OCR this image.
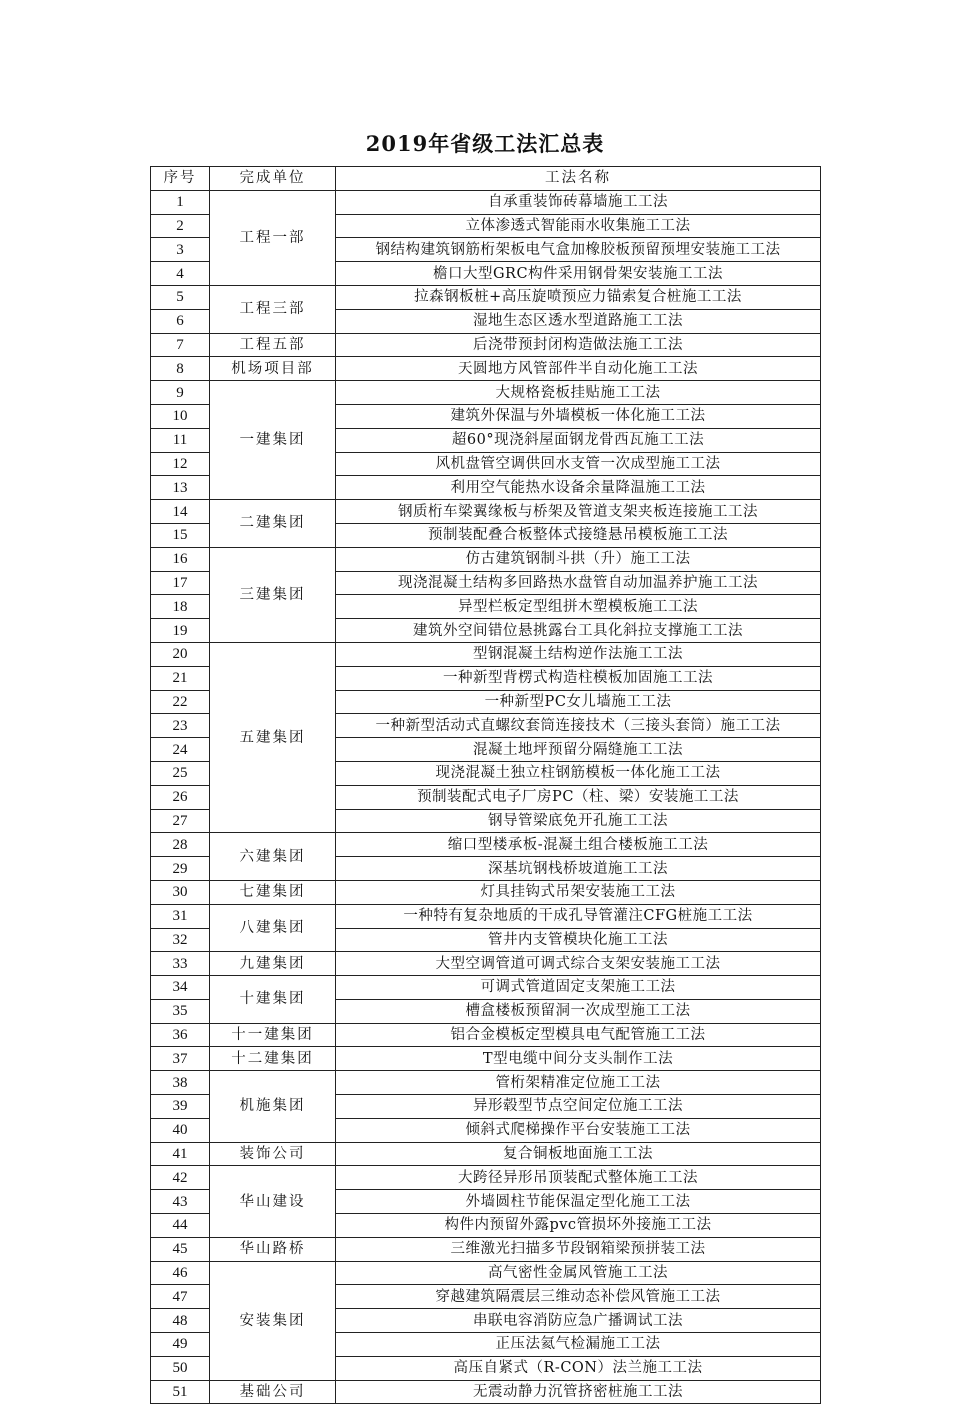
2019年省级工法汇总表
序号	完成单位	工法名称
1	工程一部	自承重装饰砖幕墙施工工法
2		立体渗透式智能雨水收集施工工法
3		钢结构建筑钢筋桁架板电气盒加橡胶板预留预埋安装施工工法
4		檐口大型GRC构件采用钢骨架安装施工工法
5	工程三部	拉森钢板桩+高压旋喷预应力锚索复合桩施工工法
6		湿地生态区透水型道路施工工法
7	工程五部	后浇带预封闭构造做法施工工法
8	机场项目部	天圆地方风管部件半自动化施工工法
9	一建集团	大规格瓷板挂贴施工工法
10		建筑外保温与外墙模板一体化施工工法
11		超60°现浇斜屋面钢龙骨西瓦施工工法
12		风机盘管空调供回水支管一次成型施工工法
13		利用空气能热水设备余量降温施工工法
14	二建集团	钢质桁车梁翼缘板与桥架及管道支架夹板连接施工工法
15		预制装配叠合板整体式接缝悬吊模板施工工法
16	三建集团	仿古建筑钢制斗拱（升）施工工法
17		现浇混凝土结构多回路热水盘管自动加温养护施工工法
18		异型栏板定型组拼木塑模板施工工法
19		建筑外空间错位悬挑露台工具化斜拉支撑施工工法
20	五建集团	型钢混凝土结构逆作法施工工法
21		一种新型背楞式构造柱模板加固施工工法
22		一种新型PC女儿墙施工工法
23		一种新型活动式直螺纹套筒连接技术（三接头套筒）施工工法
24		混凝土地坪预留分隔缝施工工法
25		现浇混凝土独立柱钢筋模板一体化施工工法
26		预制装配式电子厂房PC（柱、梁）安装施工工法
27		钢导管梁底免开孔施工工法
28	六建集团	缩口型楼承板-混凝土组合楼板施工工法
29		深基坑钢栈桥坡道施工工法
30	七建集团	灯具挂钩式吊架安装施工工法
31	八建集团	一种特有复杂地质的干成孔导管灌注CFG桩施工工法
32		管井内支管模块化施工工法
33	九建集团	大型空调管道可调式综合支架安装施工工法
34	十建集团	可调式管道固定支架施工工法
35		槽盒楼板预留洞一次成型施工工法
36	十一建集团	铝合金模板定型模具电气配管施工工法
37	十二建集团	T型电缆中间分支头制作工法
38	机施集团	管桁架精准定位施工工法
39		异形毂型节点空间定位施工工法
40		倾斜式爬梯操作平台安装施工工法
41	装饰公司	复合铜板地面施工工法
42	华山建设	大跨径异形吊顶装配式整体施工工法
43		外墙圆柱节能保温定型化施工工法
44		构件内预留外露pvc管损坏外接施工工法
45	华山路桥	三维激光扫描多节段钢箱梁预拼装工法
46	安装集团	高气密性金属风管施工工法
47		穿越建筑隔震层三维动态补偿风管施工工法
48		串联电容消防应急广播调试工法
49		正压法氦气检漏施工工法
50		高压自紧式（R-CON）法兰施工工法
51	基础公司	无震动静力沉管挤密桩施工工法
